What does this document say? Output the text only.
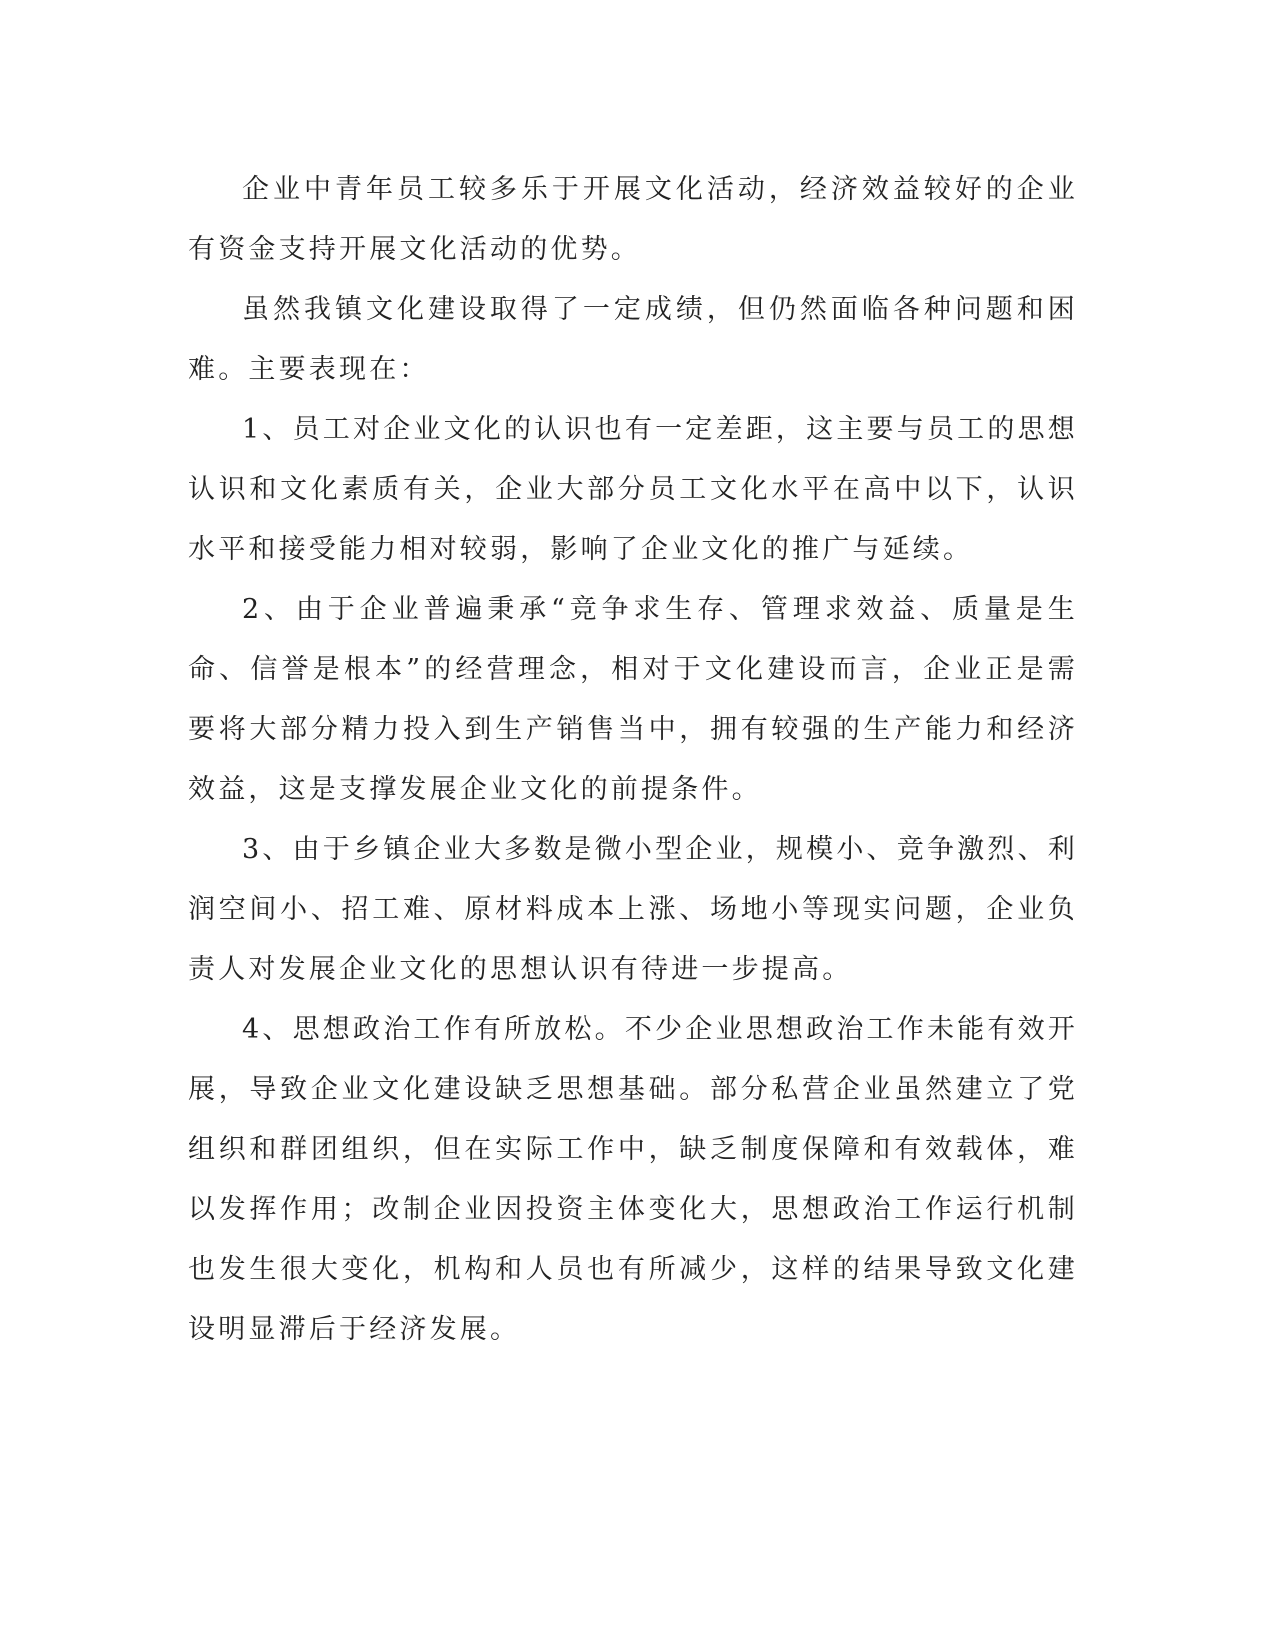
企业中青年员工较多乐于开展文化活动，经济效益较好的企业有资金支持开展文化活动的优势。

虽然我镇文化建设取得了一定成绩，但仍然面临各种问题和困难。主要表现在：

1、员工对企业文化的认识也有一定差距，这主要与员工的思想认识和文化素质有关，企业大部分员工文化水平在高中以下，认识水平和接受能力相对较弱，影响了企业文化的推广与延续。

2、由于企业普遍秉承“竞争求生存、管理求效益、质量是生命、信誉是根本”的经营理念，相对于文化建设而言，企业正是需要将大部分精力投入到生产销售当中，拥有较强的生产能力和经济效益，这是支撑发展企业文化的前提条件。

3、由于乡镇企业大多数是微小型企业，规模小、竞争激烈、利润空间小、招工难、原材料成本上涨、场地小等现实问题，企业负责人对发展企业文化的思想认识有待进一步提高。

4、思想政治工作有所放松。不少企业思想政治工作未能有效开展，导致企业文化建设缺乏思想基础。部分私营企业虽然建立了党组织和群团组织，但在实际工作中，缺乏制度保障和有效载体，难以发挥作用；改制企业因投资主体变化大，思想政治工作运行机制也发生很大变化，机构和人员也有所减少，这样的结果导致文化建设明显滞后于经济发展。
